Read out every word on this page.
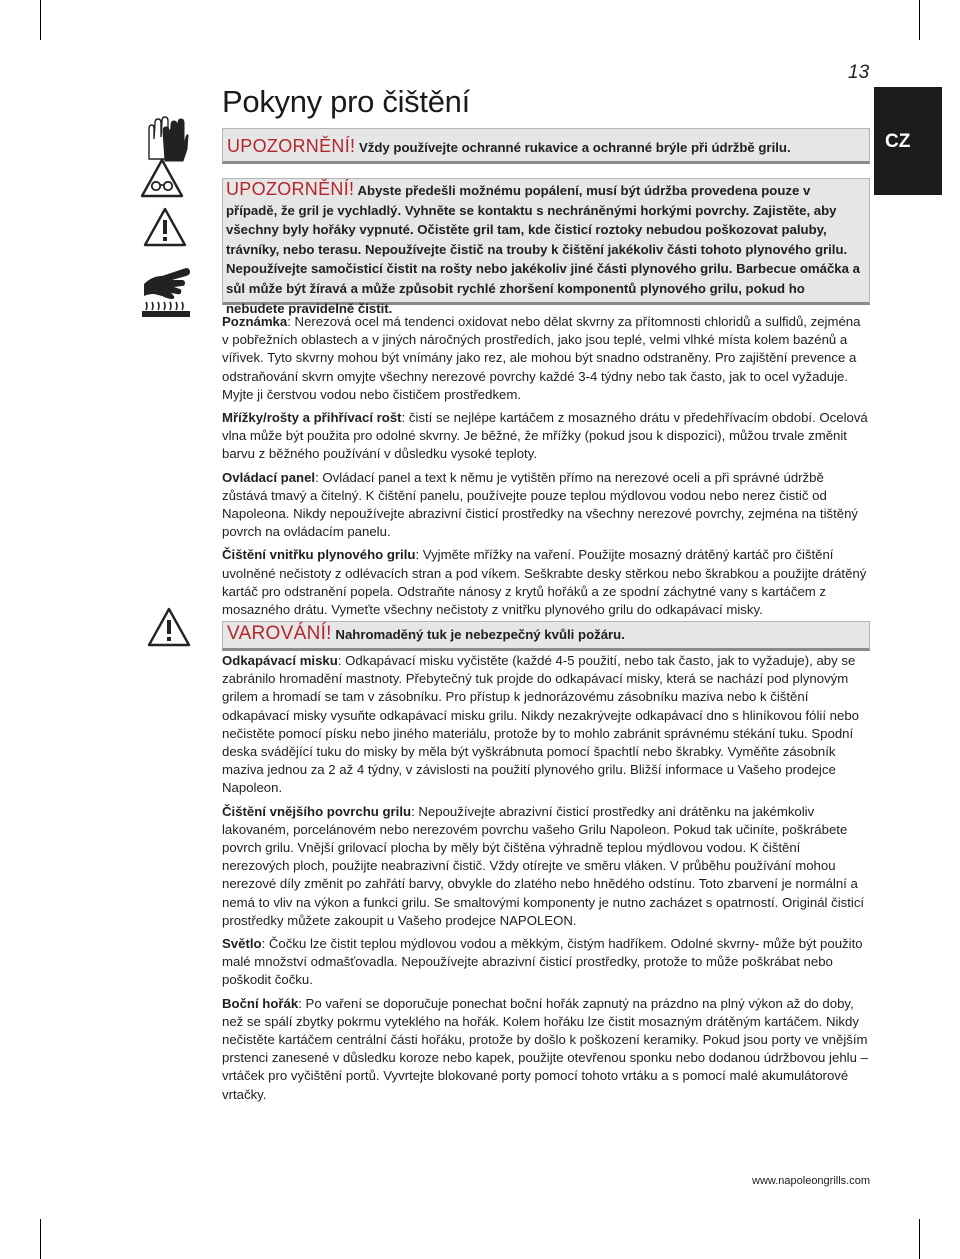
13
CZ
Pokyny pro čištění
UPOZORNĚNÍ! Vždy používejte ochranné rukavice a ochranné brýle při údržbě grilu.
UPOZORNĚNÍ! Abyste předešli možnému popálení, musí být údržba provedena pouze v případě, že gril je vychladlý. Vyhněte se kontaktu s nechráněnými horkými povrchy. Zajistěte, aby všechny byly hořáky vypnuté. Očistěte gril tam, kde čisticí roztoky nebudou poškozovat paluby, trávníky, nebo terasu. Nepoužívejte čistič na trouby k čištění jakékoliv části tohoto plynového grilu. Nepoužívejte samočisticí čistit na rošty nebo jakékoliv jiné části plynového grilu. Barbecue omáčka a sůl může být žíravá a může způsobit rychlé zhoršení komponentů plynového grilu, pokud ho nebudete pravidelně čistit.

Poznámka: Nerezová ocel má tendenci oxidovat nebo dělat skvrny za přítomnosti chloridů a sulfidů, zejména v pobřežních oblastech a v jiných náročných prostředích, jako jsou teplé, velmi vlhké místa kolem bazénů a vířivek. Tyto skvrny mohou být vnímány jako rez, ale mohou být snadno odstraněny. Pro zajištění prevence a odstraňování skvrn omyjte všechny nerezové povrchy každé 3-4 týdny nebo tak často, jak to ocel vyžaduje. Myjte ji čerstvou vodou nebo čističem prostředkem.

Mřížky/rošty a přihřívací rošt: čistí se nejlépe kartáčem z mosazného drátu v předehřívacím období. Ocelová vlna může být použita pro odolné skvrny. Je běžné, že mřížky (pokud jsou k dispozici), můžou trvale změnit barvu z běžného používání v důsledku vysoké teploty.

Ovládací panel: Ovládací panel a text k němu je vytištěn přímo na nerezové oceli a při správné údržbě zůstává tmavý a čitelný. K čištění panelu, používejte pouze teplou mýdlovou vodou nebo nerez čistič od Napoleona. Nikdy nepoužívejte abrazivní čisticí prostředky na všechny nerezové povrchy, zejména na tištěný povrch na ovládacím panelu.

Čištění vnitřku plynového grilu: Vyjměte mřížky na vaření. Použijte mosazný drátěný kartáč pro čištění uvolněné nečistoty z odlévacích stran a pod víkem. Seškrabte desky stěrkou nebo škrabkou a použijte drátěný kartáč pro odstranění popela. Odstraňte nánosy z krytů hořáků a ze spodní záchytné vany s kartáčem z mosazného drátu. Vymeťte všechny nečistoty z vnitřku plynového grilu do odkapávací misky.

VAROVÁNÍ! Nahromaděný tuk je nebezpečný kvůli požáru.

Odkapávací misku: Odkapávací misku vyčistěte (každé 4-5 použití, nebo tak často, jak to vyžaduje), aby se zabránilo hromadění mastnoty. Přebytečný tuk projde do odkapávací misky, která se nachází pod plynovým grilem a hromadí se tam v zásobníku. Pro přístup k jednorázovému zásobníku maziva nebo k čištění odkapávací misky vysuňte odkapávací misku grilu. Nikdy nezakrývejte odkapávací dno s hliníkovou fólií nebo nečistěte pomocí písku nebo jiného materiálu, protože by to mohlo zabránit správnému stékání tuku. Spodní deska svádějící tuku do misky by měla být vyškrábnuta pomocí špachtlí nebo škrabky. Vyměňte zásobník maziva jednou za 2 až 4 týdny, v závislosti na použití plynového grilu. Bližší informace u Vašeho prodejce Napoleon.

Čištění vnějšího povrchu grilu: Nepoužívejte abrazivní čisticí prostředky ani drátěnku na jakémkoliv lakovaném, porcelánovém nebo nerezovém povrchu vašeho Grilu Napoleon. Pokud tak učiníte, poškrábete povrch grilu. Vnější grilovací plocha by měly být čištěna výhradně teplou mýdlovou vodou. K čištění nerezových ploch, použijte neabrazivní čistič. Vždy otírejte ve směru vláken. V průběhu používání mohou nerezové díly změnit po zahřátí barvy, obvykle do zlatého nebo hnědého odstínu. Toto zbarvení je normální a nemá to vliv na výkon a funkci grilu. Se smaltovými komponenty je nutno zacházet s opatrností. Originál čisticí prostředky můžete zakoupit u Vašeho prodejce NAPOLEON.

Světlo: Čočku lze čistit teplou mýdlovou vodou a měkkým, čistým hadříkem. Odolné skvrny- může být použito malé množství odmašťovadla. Nepoužívejte abrazivní čisticí prostředky, protože to může poškrábat nebo poškodit čočku.

Boční hořák: Po vaření se doporučuje ponechat boční hořák zapnutý na prázdno na plný výkon až do doby, než se spálí zbytky pokrmu vyteklého na hořák. Kolem hořáku lze čistit mosazným drátěným kartáčem. Nikdy nečistěte kartáčem centrální části hořáku, protože by došlo k poškození keramiky. Pokud jsou porty ve vnějším prstenci zanesené v důsledku koroze nebo kapek, použijte otevřenou sponku nebo dodanou údržbovou jehlu – vrtáček pro vyčištění portů. Vyvrtejte blokované porty pomocí tohoto vrtáku a s pomocí malé akumulátorové vrtačky.

www.napoleongrills.com
